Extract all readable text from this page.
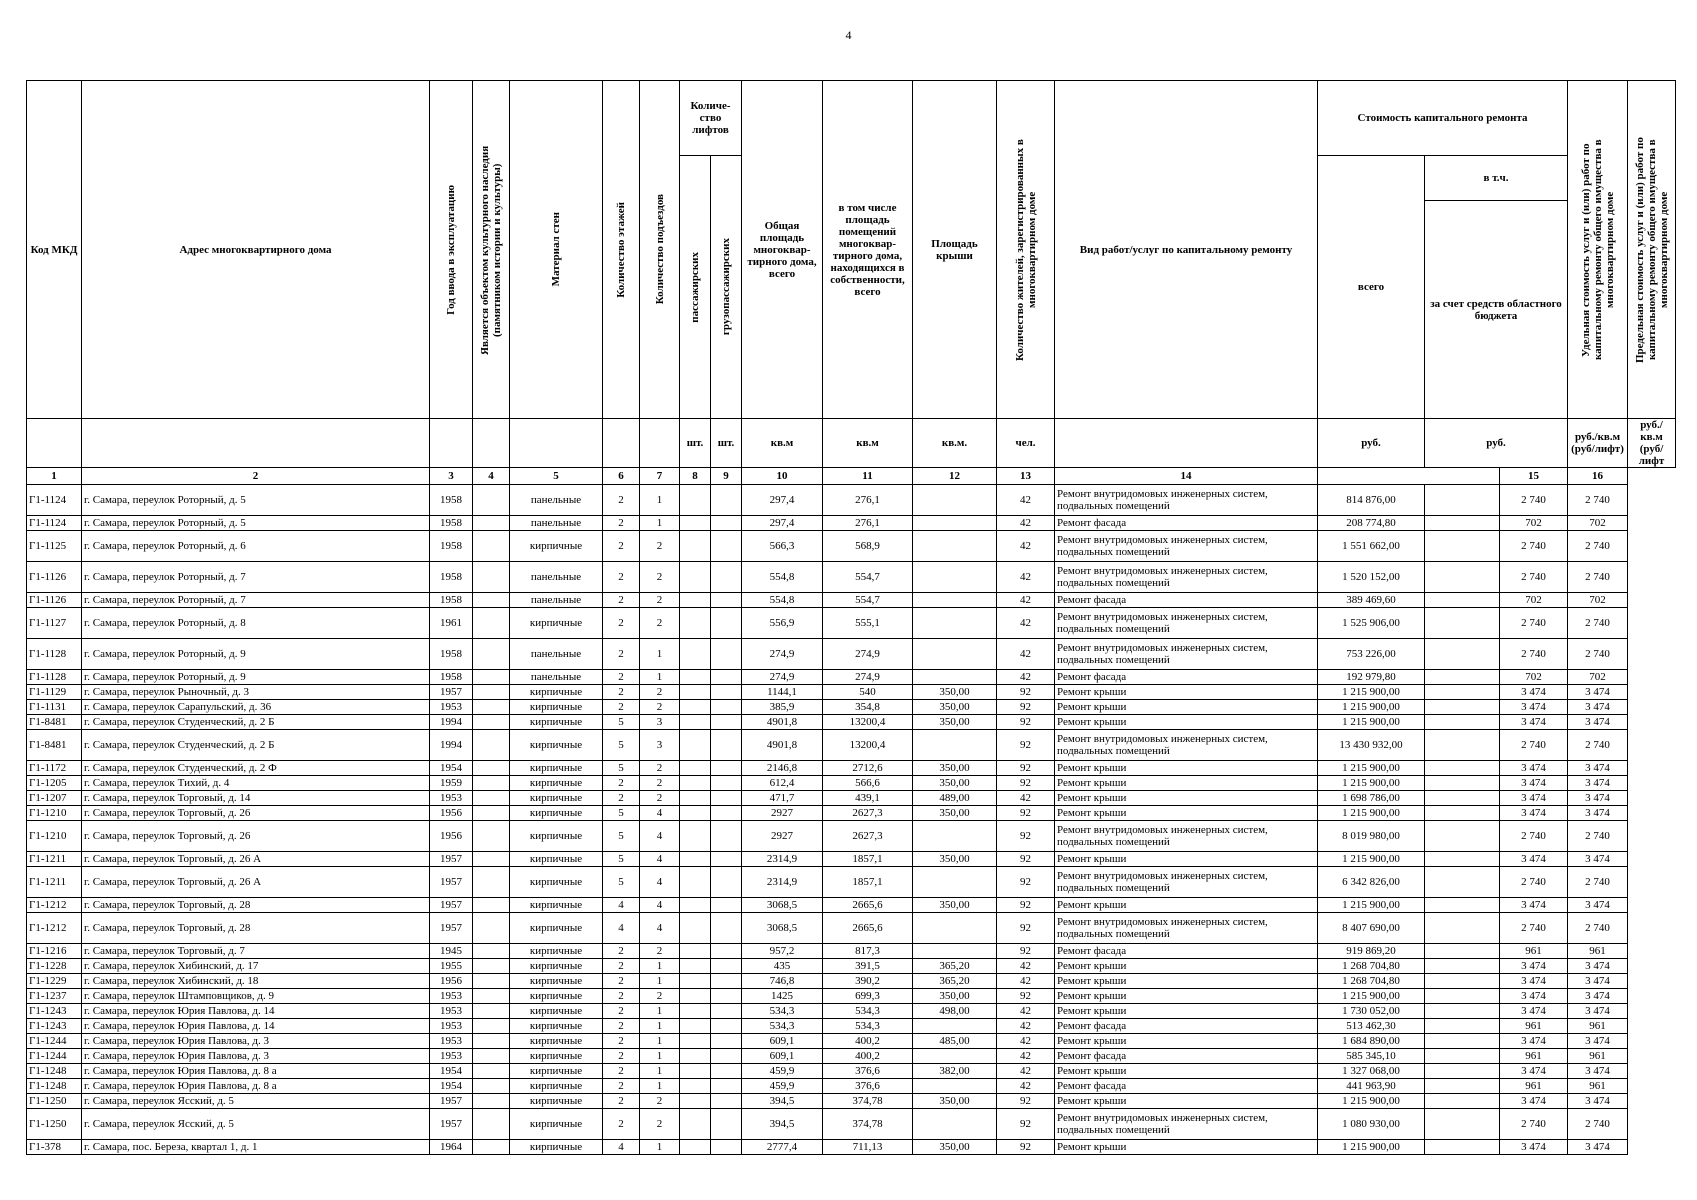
4
Код МКД	Адрес многоквартирного дома	Год ввода в эксплуатацию	Является объектом культурного наследия (памятником истории и культуры)	Материал стен	Количество этажей	Количество подъездов	Количе-ство лифтов		Общая площадь многоквар-тирного дома, всего	в том числе площадь помещений многоквар-тирного дома, находящихся в собственности, всего	Площадь крыши	Количество жителей, зарегистрированных в многоквартирном доме	Вид работ/услуг по капитальному ремонту	Стоимость капитального ремонта			Удельная стоимость услуг и (или) работ по капитальному ремонту общего имущества в многоквартирном доме	Предельная стоимость услуг и (или) работ по капитальному ремонту общего имущества в многоквартирном доме

							пассажирских	грузопассажирских						всего	в т.ч.			
															за счет средств областного бюджета			
							шт.	шт.	кв.м	кв.м	кв.м.	чел.		руб.	руб.		руб./кв.м (руб/лифт)	руб./кв.м (руб/лифт
1	2	3	4	5	6	7	8	9	10	11	12	13	14			15	16	
Г1-1124	г. Самара, переулок Роторный, д. 5	1958		панельные	2	1			297,4	276,1		42	Ремонт внутридомовых инженерных систем, подвальных помещений	814 876,00		2 740	2 740	
Г1-1124	г. Самара, переулок Роторный, д. 5	1958		панельные	2	1			297,4	276,1		42	Ремонт фасада	208 774,80		702	702	
Г1-1125	г. Самара, переулок Роторный, д. 6	1958		кирпичные	2	2			566,3	568,9		42	Ремонт внутридомовых инженерных систем, подвальных помещений	1 551 662,00		2 740	2 740	
Г1-1126	г. Самара, переулок Роторный, д. 7	1958		панельные	2	2			554,8	554,7		42	Ремонт внутридомовых инженерных систем, подвальных помещений	1 520 152,00		2 740	2 740	
Г1-1126	г. Самара, переулок Роторный, д. 7	1958		панельные	2	2			554,8	554,7		42	Ремонт фасада	389 469,60		702	702	
Г1-1127	г. Самара, переулок Роторный, д. 8	1961		кирпичные	2	2			556,9	555,1		42	Ремонт внутридомовых инженерных систем, подвальных помещений	1 525 906,00		2 740	2 740	
Г1-1128	г. Самара, переулок Роторный, д. 9	1958		панельные	2	1			274,9	274,9		42	Ремонт внутридомовых инженерных систем, подвальных помещений	753 226,00		2 740	2 740	
Г1-1128	г. Самара, переулок Роторный, д. 9	1958		панельные	2	1			274,9	274,9		42	Ремонт фасада	192 979,80		702	702	
Г1-1129	г. Самара, переулок Рыночный, д. 3	1957		кирпичные	2	2			1144,1	540	350,00	92	Ремонт крыши	1 215 900,00		3 474	3 474	
Г1-1131	г. Самара, переулок Сарапульский, д. 36	1953		кирпичные	2	2			385,9	354,8	350,00	92	Ремонт крыши	1 215 900,00		3 474	3 474	
Г1-8481	г. Самара, переулок Студенческий, д. 2 Б	1994		кирпичные	5	3			4901,8	13200,4	350,00	92	Ремонт крыши	1 215 900,00		3 474	3 474	
Г1-8481	г. Самара, переулок Студенческий, д. 2 Б	1994		кирпичные	5	3			4901,8	13200,4		92	Ремонт внутридомовых инженерных систем, подвальных помещений	13 430 932,00		2 740	2 740	
Г1-1172	г. Самара, переулок Студенческий, д. 2 Ф	1954		кирпичные	5	2			2146,8	2712,6	350,00	92	Ремонт крыши	1 215 900,00		3 474	3 474	
Г1-1205	г. Самара, переулок Тихий, д. 4	1959		кирпичные	2	2			612,4	566,6	350,00	92	Ремонт крыши	1 215 900,00		3 474	3 474	
Г1-1207	г. Самара, переулок Торговый, д. 14	1953		кирпичные	2	2			471,7	439,1	489,00	42	Ремонт крыши	1 698 786,00		3 474	3 474	
Г1-1210	г. Самара, переулок Торговый, д. 26	1956		кирпичные	5	4			2927	2627,3	350,00	92	Ремонт крыши	1 215 900,00		3 474	3 474	
Г1-1210	г. Самара, переулок Торговый, д. 26	1956		кирпичные	5	4			2927	2627,3		92	Ремонт внутридомовых инженерных систем, подвальных помещений	8 019 980,00		2 740	2 740	
Г1-1211	г. Самара, переулок Торговый, д. 26 А	1957		кирпичные	5	4			2314,9	1857,1	350,00	92	Ремонт крыши	1 215 900,00		3 474	3 474	
Г1-1211	г. Самара, переулок Торговый, д. 26 А	1957		кирпичные	5	4			2314,9	1857,1		92	Ремонт внутридомовых инженерных систем, подвальных помещений	6 342 826,00		2 740	2 740	
Г1-1212	г. Самара, переулок Торговый, д. 28	1957		кирпичные	4	4			3068,5	2665,6	350,00	92	Ремонт крыши	1 215 900,00		3 474	3 474	
Г1-1212	г. Самара, переулок Торговый, д. 28	1957		кирпичные	4	4			3068,5	2665,6		92	Ремонт внутридомовых инженерных систем, подвальных помещений	8 407 690,00		2 740	2 740	
Г1-1216	г. Самара, переулок Торговый, д. 7	1945		кирпичные	2	2			957,2	817,3		92	Ремонт фасада	919 869,20		961	961	
Г1-1228	г. Самара, переулок Хибинский, д. 17	1955		кирпичные	2	1			435	391,5	365,20	42	Ремонт крыши	1 268 704,80		3 474	3 474	
Г1-1229	г. Самара, переулок Хибинский, д. 18	1956		кирпичные	2	1			746,8	390,2	365,20	42	Ремонт крыши	1 268 704,80		3 474	3 474	
Г1-1237	г. Самара, переулок Штамповщиков, д. 9	1953		кирпичные	2	2			1425	699,3	350,00	92	Ремонт крыши	1 215 900,00		3 474	3 474	
Г1-1243	г. Самара, переулок Юрия Павлова, д. 14	1953		кирпичные	2	1			534,3	534,3	498,00	42	Ремонт крыши	1 730 052,00		3 474	3 474	
Г1-1243	г. Самара, переулок Юрия Павлова, д. 14	1953		кирпичные	2	1			534,3	534,3		42	Ремонт фасада	513 462,30		961	961	
Г1-1244	г. Самара, переулок Юрия Павлова, д. 3	1953		кирпичные	2	1			609,1	400,2	485,00	42	Ремонт крыши	1 684 890,00		3 474	3 474	
Г1-1244	г. Самара, переулок Юрия Павлова, д. 3	1953		кирпичные	2	1			609,1	400,2		42	Ремонт фасада	585 345,10		961	961	
Г1-1248	г. Самара, переулок Юрия Павлова, д. 8 а	1954		кирпичные	2	1			459,9	376,6	382,00	42	Ремонт крыши	1 327 068,00		3 474	3 474	
Г1-1248	г. Самара, переулок Юрия Павлова, д. 8 а	1954		кирпичные	2	1			459,9	376,6		42	Ремонт фасада	441 963,90		961	961	
Г1-1250	г. Самара, переулок Ясский, д. 5	1957		кирпичные	2	2			394,5	374,78	350,00	92	Ремонт крыши	1 215 900,00		3 474	3 474	
Г1-1250	г. Самара, переулок Ясский, д. 5	1957		кирпичные	2	2			394,5	374,78		92	Ремонт внутридомовых инженерных систем, подвальных помещений	1 080 930,00		2 740	2 740	
Г1-378	г. Самара, пос. Береза, квартал 1, д. 1	1964		кирпичные	4	1			2777,4	711,13	350,00	92	Ремонт крыши	1 215 900,00		3 474	3 474	
